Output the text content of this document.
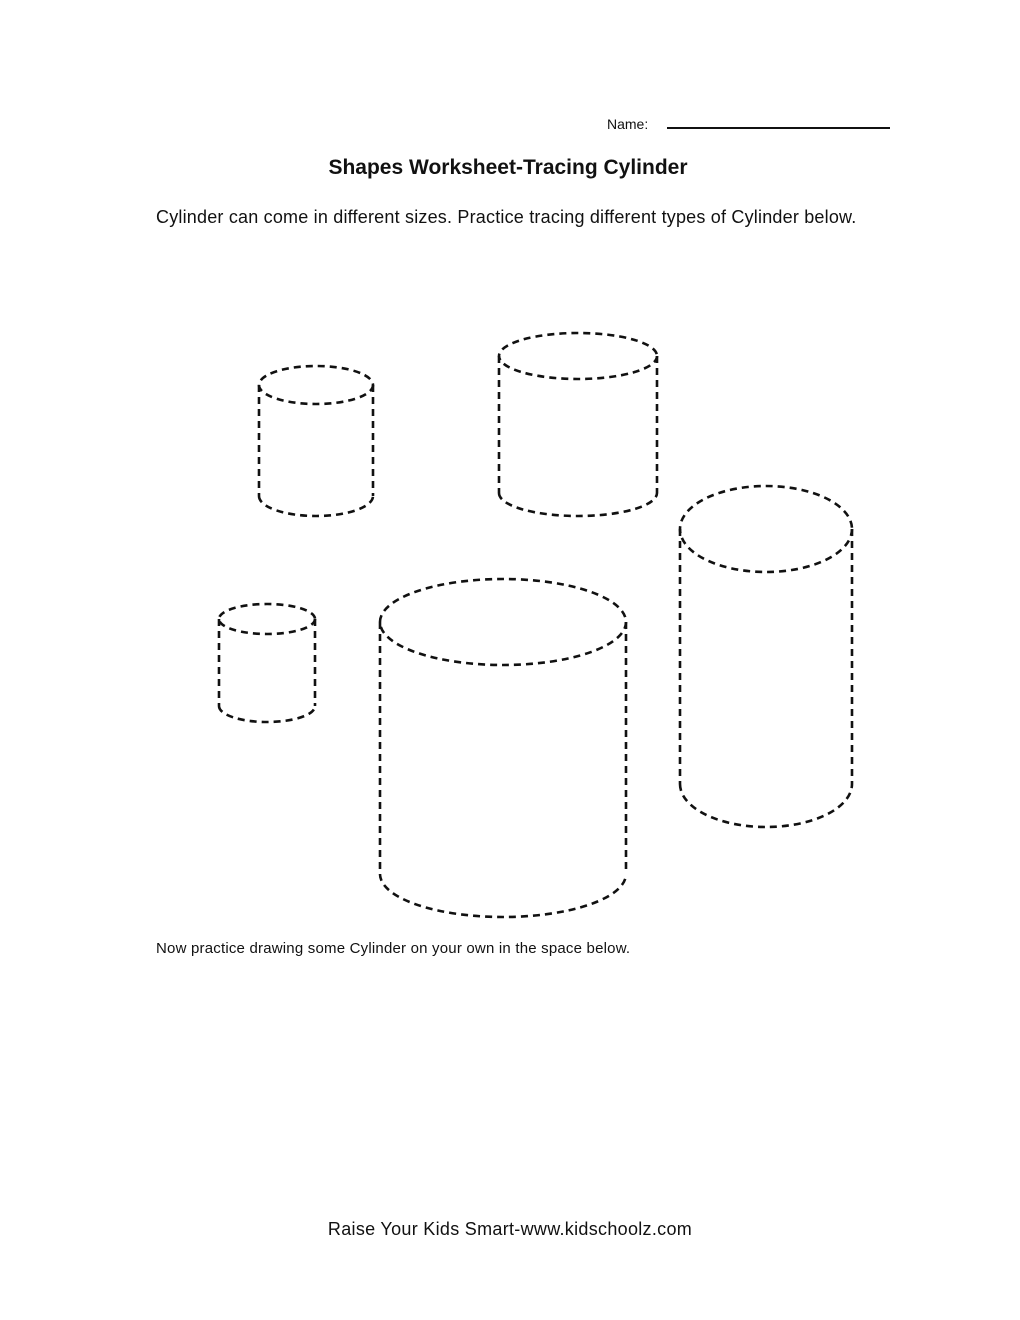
Name:
Shapes Worksheet-Tracing Cylinder
Cylinder can come in different sizes. Practice tracing different types of Cylinder below.
Now practice drawing some Cylinder on your own in the space below.
Raise Your Kids Smart-www.kidschoolz.com
